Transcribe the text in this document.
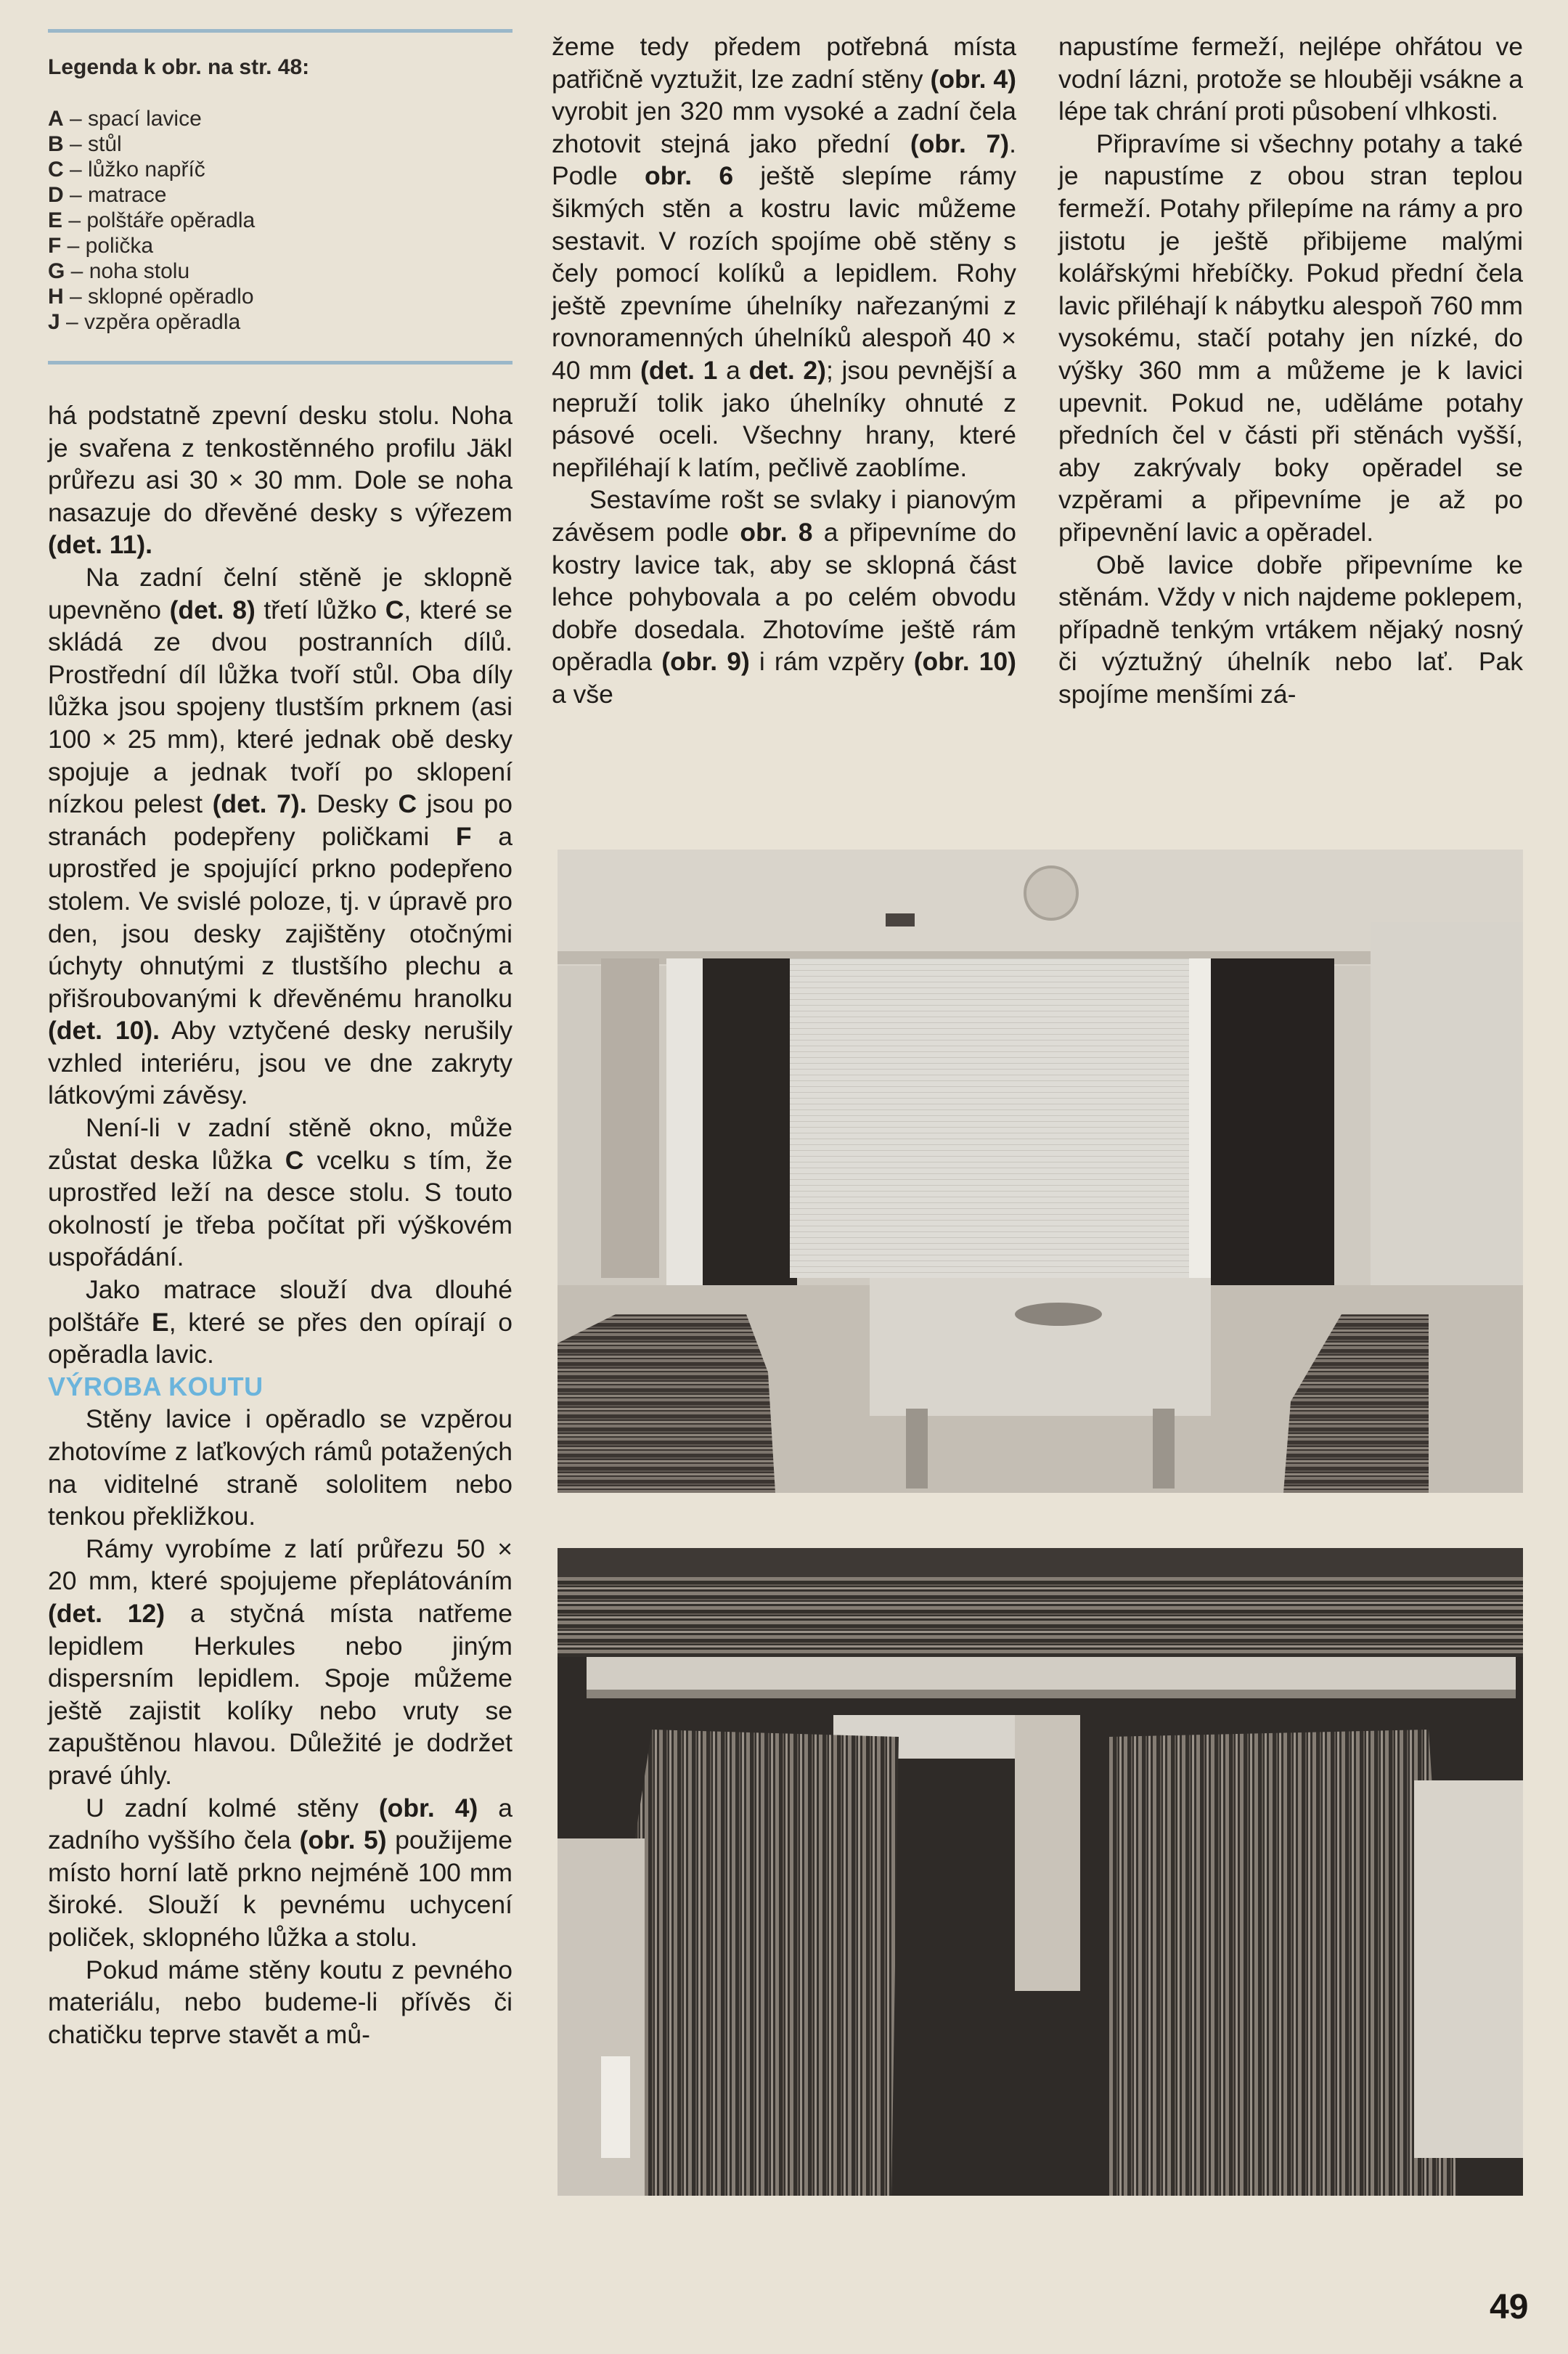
Legenda k obr. na str. 48:
A – spací lavice
B – stůl
C – lůžko napříč
D – matrace
E – polštáře opěradla
F – polička
G – noha stolu
H – sklopné opěradlo
J – vzpěra opěradla

há podstatně zpevní desku stolu. Noha je svařena z tenkostěnného profilu Jäkl průřezu asi 30 × 30 mm. Dole se noha nasazuje do dřevěné desky s výřezem (det. 11).

Na zadní čelní stěně je sklopně upevněno (det. 8) třetí lůžko C, které se skládá ze dvou postranních dílů. Prostřední díl lůžka tvoří stůl. Oba díly lůžka jsou spojeny tlustším prknem (asi 100 × 25 mm), které jednak obě desky spojuje a jednak tvoří po sklopení nízkou pelest (det. 7). Desky C jsou po stranách podepřeny poličkami F a uprostřed je spojující prkno podepřeno stolem. Ve svislé poloze, tj. v úpravě pro den, jsou desky zajištěny otočnými úchyty ohnutými z tlustšího plechu a přišroubovanými k dřevěnému hranolku (det. 10). Aby vztyčené desky nerušily vzhled interiéru, jsou ve dne zakryty látkovými závěsy.

Není-li v zadní stěně okno, může zůstat deska lůžka C vcelku s tím, že uprostřed leží na desce stolu. S touto okolností je třeba počítat při výškovém uspořádání.

Jako matrace slouží dva dlouhé polštáře E, které se přes den opírají o opěradla lavic.

VÝROBA KOUTU

Stěny lavice i opěradlo se vzpěrou zhotovíme z laťkových rámů potažených na viditelné straně sololitem nebo tenkou překližkou.

Rámy vyrobíme z latí průřezu 50 × 20 mm, které spojujeme přeplátováním (det. 12) a styčná místa natřeme lepidlem Herkules nebo jiným dispersním lepidlem. Spoje můžeme ještě zajistit kolíky nebo vruty se zapuštěnou hlavou. Důležité je dodržet pravé úhly.

U zadní kolmé stěny (obr. 4) a zadního vyššího čela (obr. 5) použijeme místo horní latě prkno nejméně 100 mm široké. Slouží k pevnému uchycení poliček, sklopného lůžka a stolu.

Pokud máme stěny koutu z pevného materiálu, nebo budeme-li přívěs či chatičku teprve stavět a mů-

žeme tedy předem potřebná místa patřičně vyztužit, lze zadní stěny (obr. 4) vyrobit jen 320 mm vysoké a zadní čela zhotovit stejná jako přední (obr. 7). Podle obr. 6 ještě slepíme rámy šikmých stěn a kostru lavic můžeme sestavit. V rozích spojíme obě stěny s čely pomocí kolíků a lepidlem. Rohy ještě zpevníme úhelníky nařezanými z rovnoramenných úhelníků alespoň 40 × 40 mm (det. 1 a det. 2); jsou pevnější a nepruží tolik jako úhelníky ohnuté z pásové oceli. Všechny hrany, které nepřiléhají k latím, pečlivě zaoblíme.

Sestavíme rošt se svlaky i pianovým závěsem podle obr. 8 a připevníme do kostry lavice tak, aby se sklopná část lehce pohybovala a po celém obvodu dobře dosedala. Zhotovíme ještě rám opěradla (obr. 9) i rám vzpěry (obr. 10) a vše

napustíme fermeží, nejlépe ohřátou ve vodní lázni, protože se hlouběji vsákne a lépe tak chrání proti působení vlhkosti.

Připravíme si všechny potahy a také je napustíme z obou stran teplou fermeží. Potahy přilepíme na rámy a pro jistotu je ještě přibijeme malými kolářskými hřebíčky. Pokud přední čela lavic přiléhají k nábytku alespoň 760 mm vysokému, stačí potahy jen nízké, do výšky 360 mm a můžeme je k lavici upevnit. Pokud ne, uděláme potahy předních čel v části při stěnách vyšší, aby zakrývaly boky opěradel se vzpěrami a připevníme je až po připevnění lavic a opěradel.

Obě lavice dobře připevníme ke stěnám. Vždy v nich najdeme poklepem, případně tenkým vrtákem nějaký nosný či výztužný úhelník nebo lať. Pak spojíme menšími zá-

49
